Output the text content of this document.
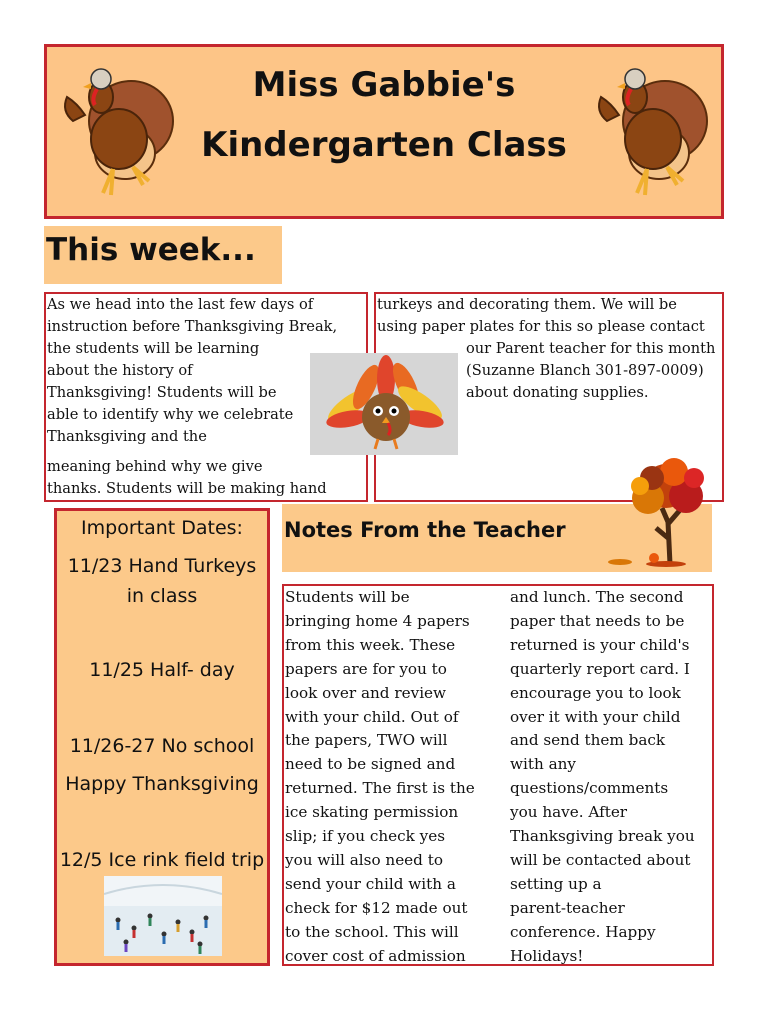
Miss Gabbie's
Kindergarten Class
This week...
As we head into the last few days of
instruction before Thanksgiving Break,
the students will be learning
about the history of
Thanksgiving! Students will be
able to identify why we celebrate
Thanksgiving and the
meaning behind why we give
thanks. Students will be making hand
turkeys and decorating them. We will be
using paper plates for this so please contact
our Parent teacher for this month
(Suzanne Blanch 301-897-0009)
about donating supplies.
Important Dates:
11/23 Hand Turkeys
in class
11/25 Half- day
11/26-27 No school
Happy Thanksgiving
12/5 Ice rink field trip
Notes From the Teacher
Students will be
bringing home 4 papers
from this week. These
papers are for you to
look over and review
with your child. Out of
the papers, TWO will
need to be signed and
returned. The first is the
ice skating permission
slip; if you check yes
you will also need to
send your child with a
check for $12 made out
to the school. This will
cover cost of admission
and lunch. The second
paper that needs to be
returned is your child's
quarterly report card. I
encourage you to look
over it with your child
and send them back
with any
questions/comments
you have. After
Thanksgiving break you
will be contacted about
setting up a
parent-teacher
conference. Happy
Holidays!
